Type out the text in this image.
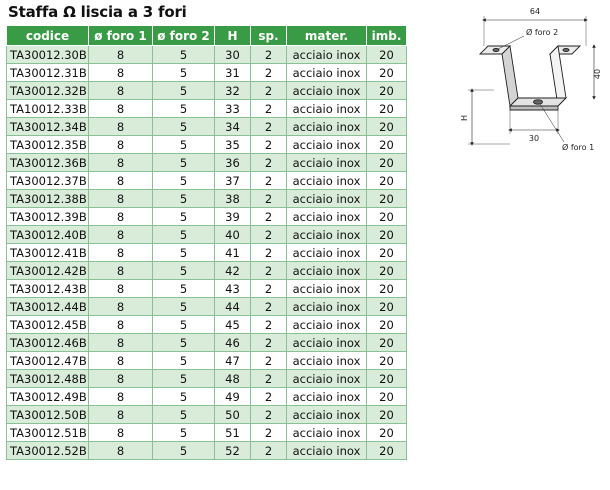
Staffa Ω liscia a 3 fori
codice	ø foro 1	ø foro 2	H	sp.	mater.	imb.
TA30012.30B	8	5	30	2	acciaio inox	20
TA30012.31B	8	5	31	2	acciaio inox	20
TA30012.32B	8	5	32	2	acciaio inox	20
TA10012.33B	8	5	33	2	acciaio inox	20
TA30012.34B	8	5	34	2	acciaio inox	20
TA30012.35B	8	5	35	2	acciaio inox	20
TA30012.36B	8	5	36	2	acciaio inox	20
TA30012.37B	8	5	37	2	acciaio inox	20
TA30012.38B	8	5	38	2	acciaio inox	20
TA30012.39B	8	5	39	2	acciaio inox	20
TA30012.40B	8	5	40	2	acciaio inox	20
TA30012.41B	8	5	41	2	acciaio inox	20
TA30012.42B	8	5	42	2	acciaio inox	20
TA30012.43B	8	5	43	2	acciaio inox	20
TA30012.44B	8	5	44	2	acciaio inox	20
TA30012.45B	8	5	45	2	acciaio inox	20
TA30012.46B	8	5	46	2	acciaio inox	20
TA30012.47B	8	5	47	2	acciaio inox	20
TA30012.48B	8	5	48	2	acciaio inox	20
TA30012.49B	8	5	49	2	acciaio inox	20
TA30012.50B	8	5	50	2	acciaio inox	20
TA30012.51B	8	5	51	2	acciaio inox	20
TA30012.52B	8	5	52	2	acciaio inox	20
64
40
H
Ø foro 2
30
Ø foro 1
